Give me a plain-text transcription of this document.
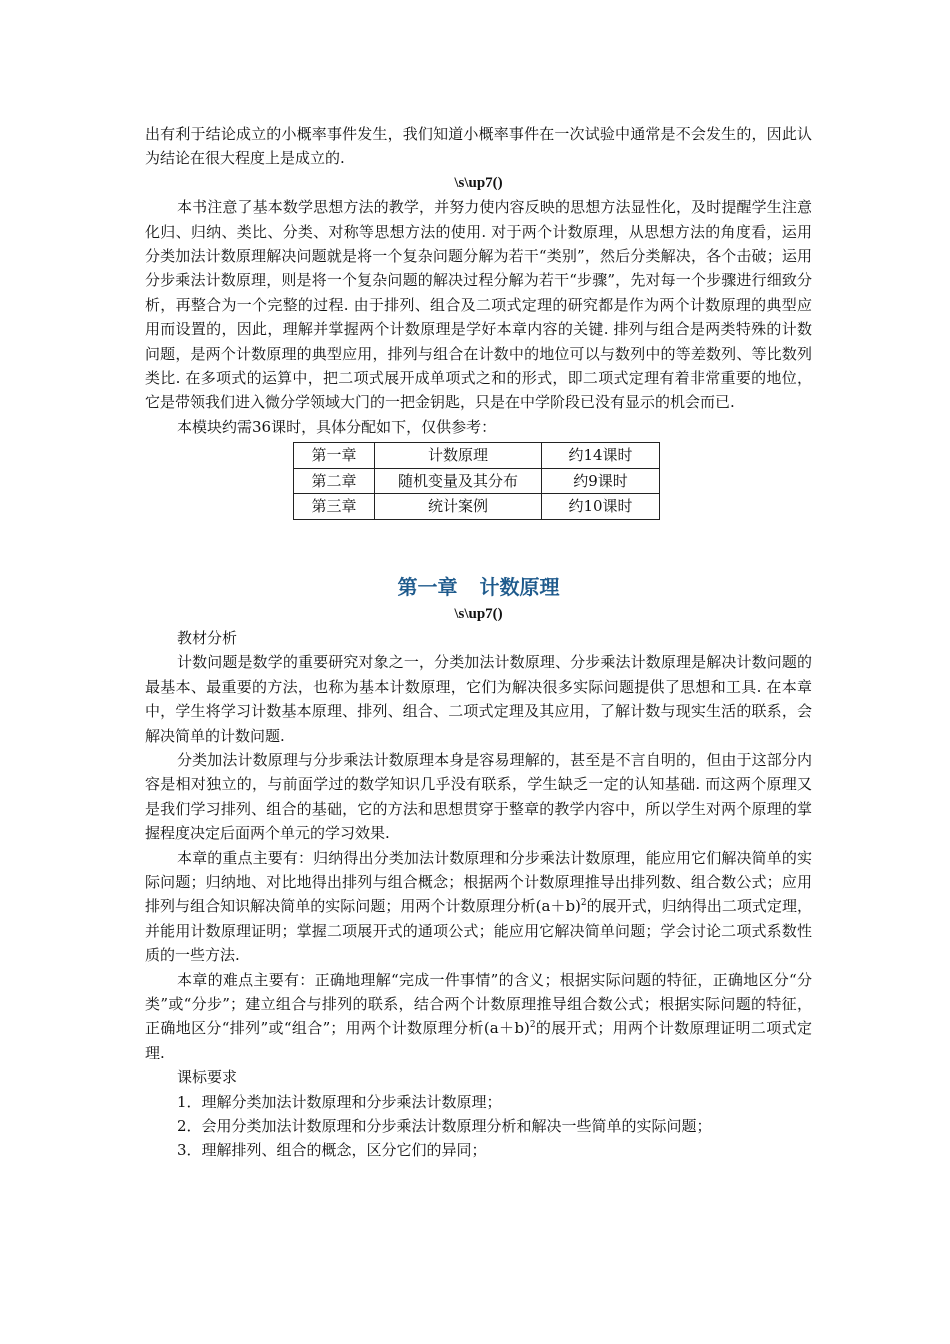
出有利于结论成立的小概率事件发生，我们知道小概率事件在一次试验中通常是不会发生的，因此认为结论在很大程度上是成立的.

\s\up7()

本书注意了基本数学思想方法的教学，并努力使内容反映的思想方法显性化，及时提醒学生注意化归、归纳、类比、分类、对称等思想方法的使用. 对于两个计数原理，从思想方法的角度看，运用分类加法计数原理解决问题就是将一个复杂问题分解为若干“类别”，然后分类解决，各个击破；运用分步乘法计数原理，则是将一个复杂问题的解决过程分解为若干“步骤”，先对每一个步骤进行细致分析，再整合为一个完整的过程. 由于排列、组合及二项式定理的研究都是作为两个计数原理的典型应用而设置的，因此，理解并掌握两个计数原理是学好本章内容的关键. 排列与组合是两类特殊的计数问题，是两个计数原理的典型应用，排列与组合在计数中的地位可以与数列中的等差数列、等比数列类比. 在多项式的运算中，把二项式展开成单项式之和的形式，即二项式定理有着非常重要的地位，它是带领我们进入微分学领域大门的一把金钥匙，只是在中学阶段已没有显示的机会而已.

本模块约需36课时，具体分配如下，仅供参考：

第一章	计数原理	约14课时
第二章	随机变量及其分布	约9课时
第三章	统计案例	约10课时
第一章 计数原理

\s\up7()

教材分析

计数问题是数学的重要研究对象之一，分类加法计数原理、分步乘法计数原理是解决计数问题的最基本、最重要的方法，也称为基本计数原理，它们为解决很多实际问题提供了思想和工具. 在本章中，学生将学习计数基本原理、排列、组合、二项式定理及其应用，了解计数与现实生活的联系，会解决简单的计数问题.

分类加法计数原理与分步乘法计数原理本身是容易理解的，甚至是不言自明的，但由于这部分内容是相对独立的，与前面学过的数学知识几乎没有联系，学生缺乏一定的认知基础. 而这两个原理又是我们学习排列、组合的基础，它的方法和思想贯穿于整章的教学内容中，所以学生对两个原理的掌握程度决定后面两个单元的学习效果.

本章的重点主要有：归纳得出分类加法计数原理和分步乘法计数原理，能应用它们解决简单的实际问题；归纳地、对比地得出排列与组合概念；根据两个计数原理推导出排列数、组合数公式；应用排列与组合知识解决简单的实际问题；用两个计数原理分析$(a+b)^2$的展开式，归纳得出二项式定理，并能用计数原理证明；掌握二项展开式的通项公式；能应用它解决简单问题；学会讨论二项式系数性质的一些方法.

本章的难点主要有：正确地理解“完成一件事情”的含义；根据实际问题的特征，正确地区分“分类”或“分步”；建立组合与排列的联系，结合两个计数原理推导组合数公式；根据实际问题的特征，正确地区分“排列”或“组合”；用两个计数原理分析$(a+b)^2$的展开式；用两个计数原理证明二项式定理.

课标要求

1．理解分类加法计数原理和分步乘法计数原理；

2．会用分类加法计数原理和分步乘法计数原理分析和解决一些简单的实际问题；

3．理解排列、组合的概念，区分它们的异同；
